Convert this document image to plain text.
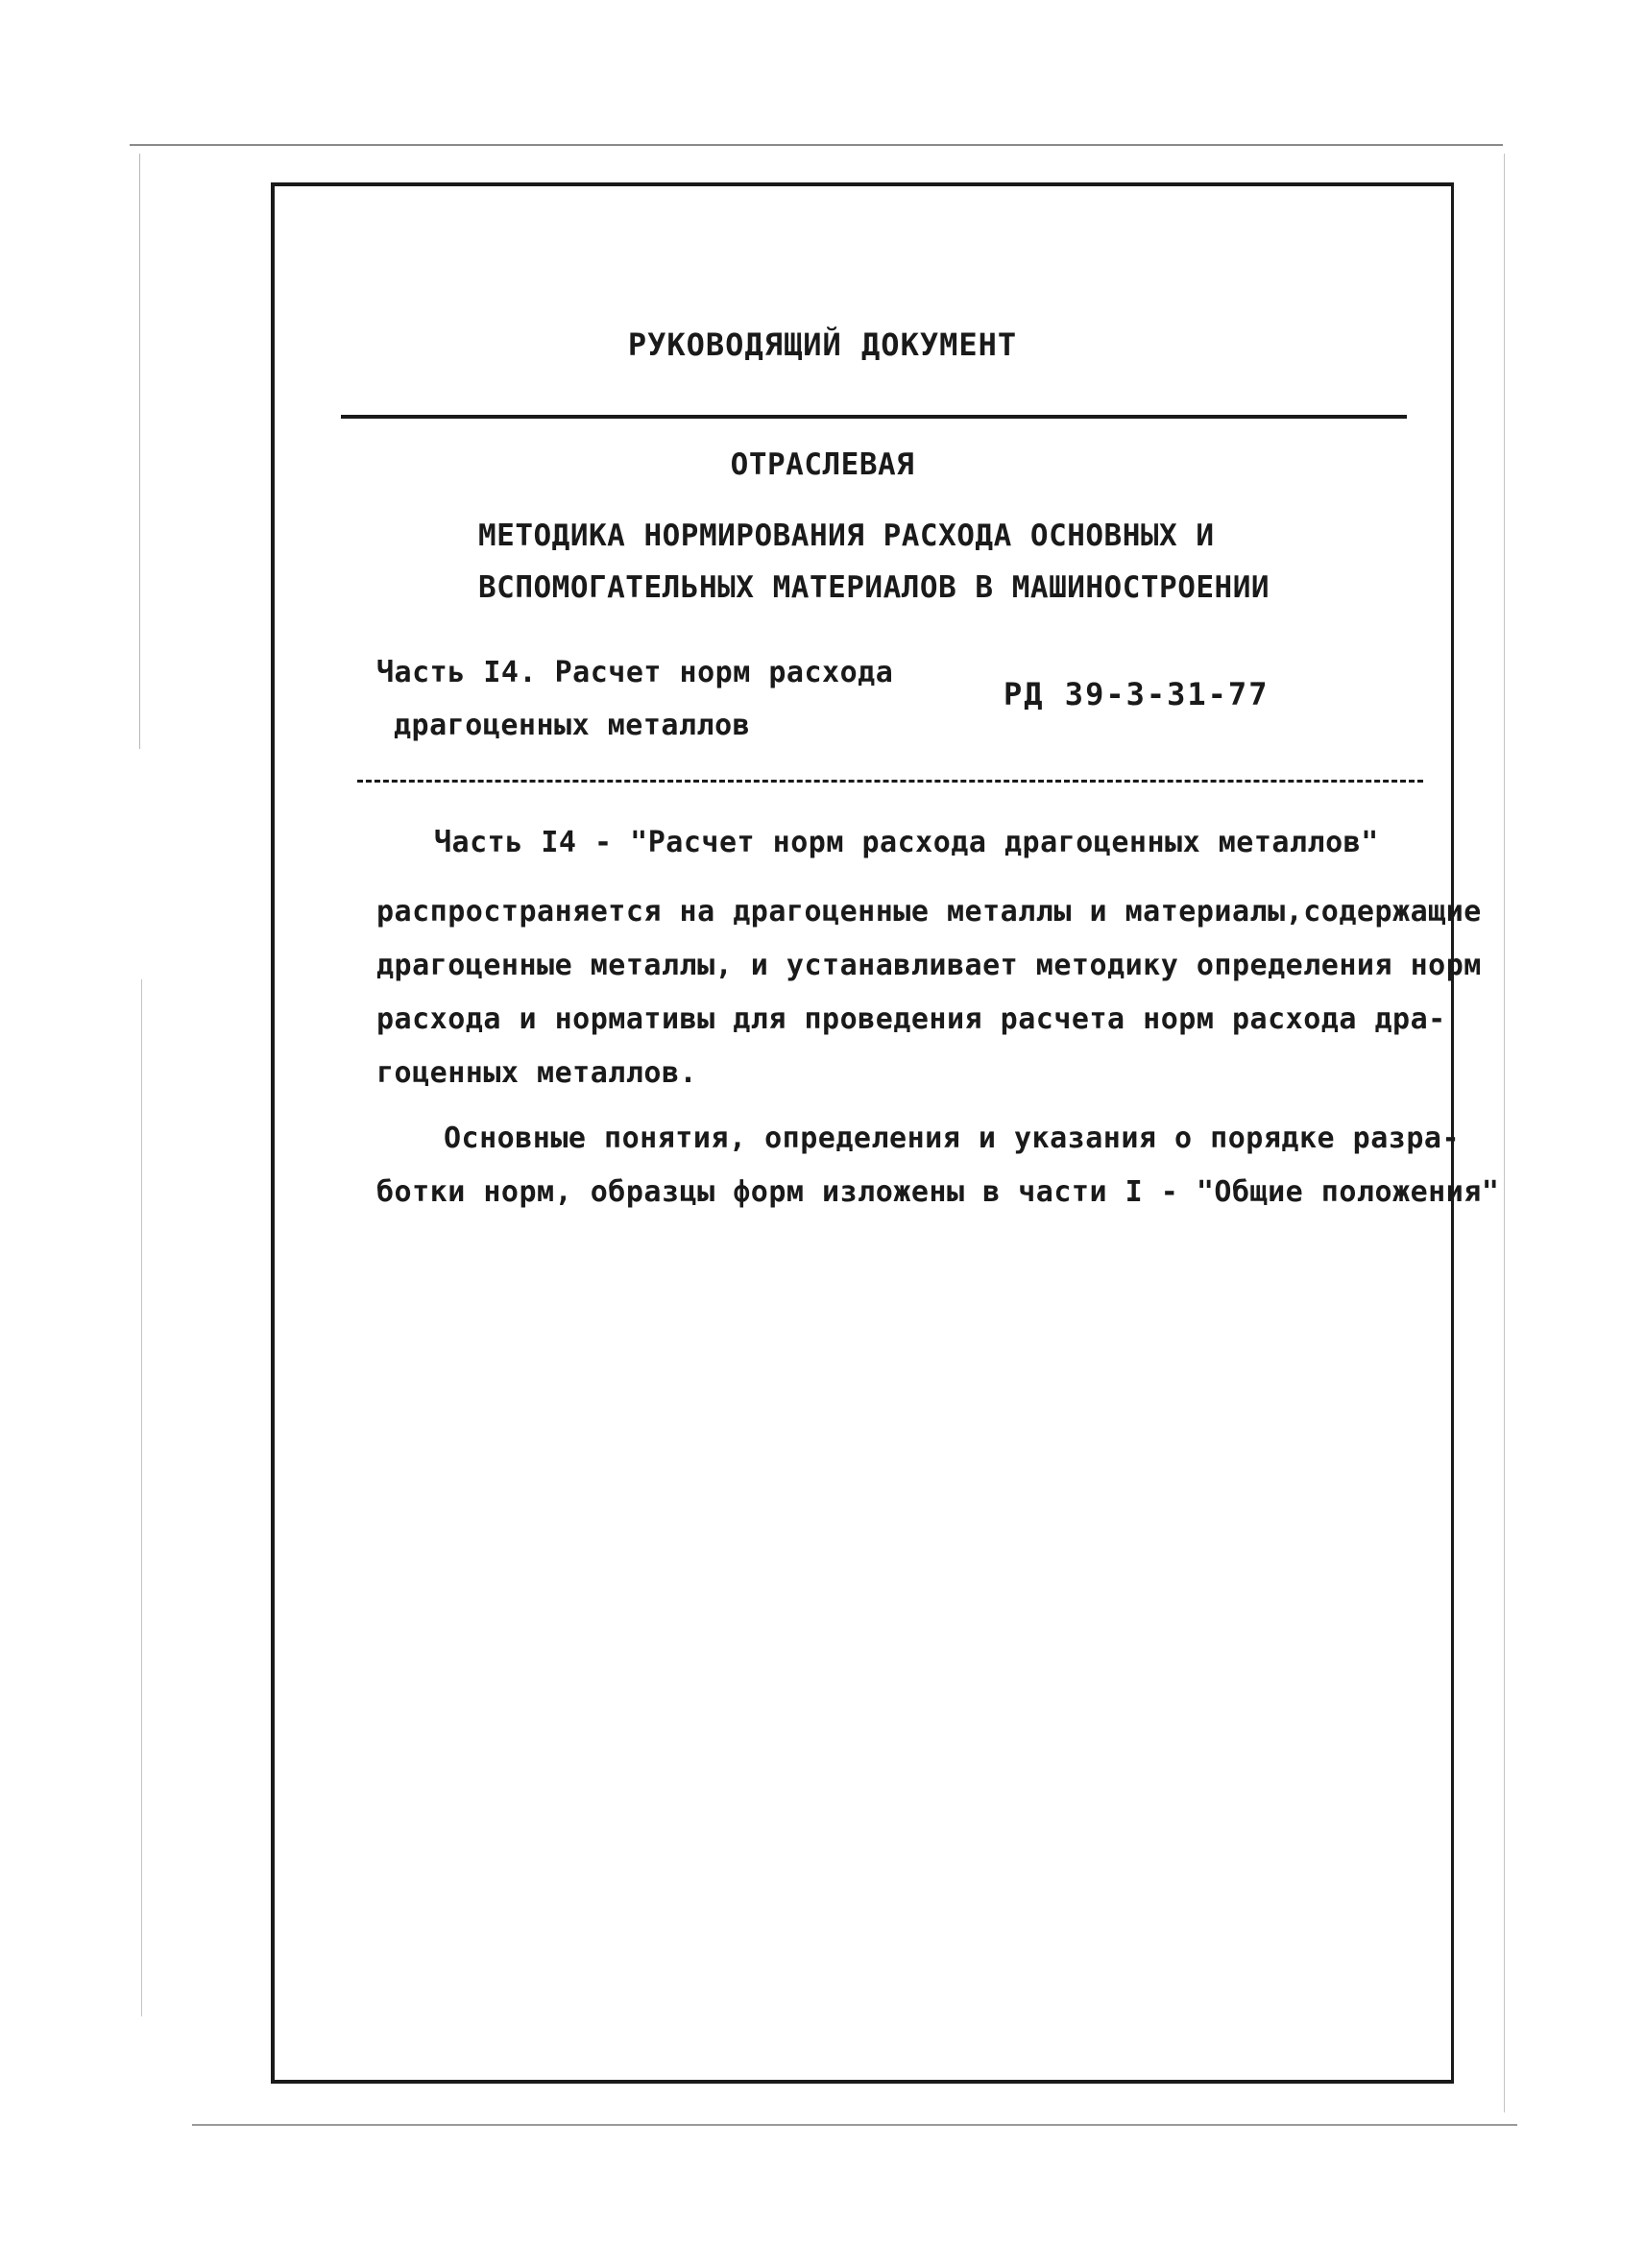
РУКОВОДЯЩИЙ ДОКУМЕНТ
ОТРАСЛЕВАЯ
МЕТОДИКА НОРМИРОВАНИЯ РАСХОДА ОСНОВНЫХ И
ВСПОМОГАТЕЛЬНЫХ МАТЕРИАЛОВ В МАШИНОСТРОЕНИИ
Часть I4. Расчет норм расхода
драгоценных металлов
РД 39-3-31-77
Часть I4 - "Расчет норм расхода драгоценных металлов"
распространяется на драгоценные металлы и материалы,содержащие
драгоценные металлы, и устанавливает методику определения норм
расхода и нормативы для проведения расчета норм расхода дра-
гоценных металлов.
Основные понятия, определения и указания о порядке разра-
ботки норм, образцы форм изложены в части I - "Общие положения"
